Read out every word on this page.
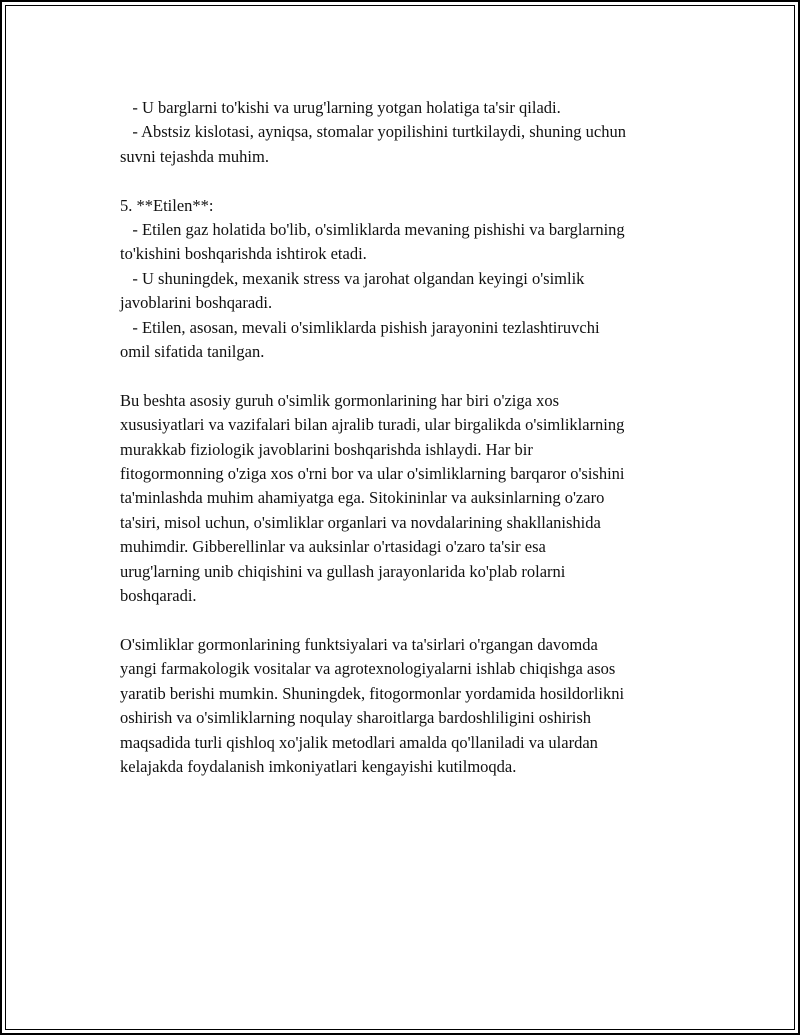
- U barglarni to'kishi va urug'larning yotgan holatiga ta'sir qiladi.
- Abstsiz kislotasi, ayniqsa, stomalar yopilishini turtkilaydi, shuning uchun
suvni tejashda muhim.
5. **Etilen**:
- Etilen gaz holatida bo'lib, o'simliklarda mevaning pishishi va barglarning
to'kishini boshqarishda ishtirok etadi.
- U shuningdek, mexanik stress va jarohat olgandan keyingi o'simlik
javoblarini boshqaradi.
- Etilen, asosan, mevali o'simliklarda pishish jarayonini tezlashtiruvchi
omil sifatida tanilgan.
Bu beshta asosiy guruh o'simlik gormonlarining har biri o'ziga xos
xususiyatlari va vazifalari bilan ajralib turadi, ular birgalikda o'simliklarning
murakkab fiziologik javoblarini boshqarishda ishlaydi. Har bir
fitogormonning o'ziga xos o'rni bor va ular o'simliklarning barqaror o'sishini
ta'minlashda muhim ahamiyatga ega. Sitokininlar va auksinlarning o'zaro
ta'siri, misol uchun, o'simliklar organlari va novdalarining shakllanishida
muhimdir. Gibberellinlar va auksinlar o'rtasidagi o'zaro ta'sir esa
urug'larning unib chiqishini va gullash jarayonlarida ko'plab rolarni
boshqaradi.
O'simliklar gormonlarining funktsiyalari va ta'sirlari o'rgangan davomda
yangi farmakologik vositalar va agrotexnologiyalarni ishlab chiqishga asos
yaratib berishi mumkin. Shuningdek, fitogormonlar yordamida hosildorlikni
oshirish va o'simliklarning noqulay sharoitlarga bardoshliligini oshirish
maqsadida turli qishloq xo'jalik metodlari amalda qo'llaniladi va ulardan
kelajakda foydalanish imkoniyatlari kengayishi kutilmoqda.
